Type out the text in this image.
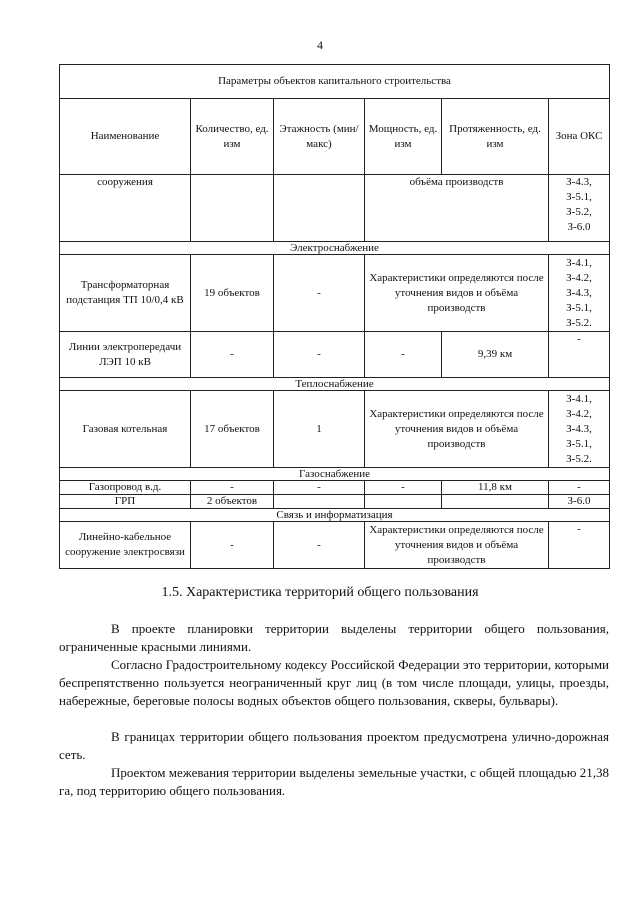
4
Параметры объектов капитального строительства					
Наименование	Количество, ед. изм	Этажность (мин/макс)	Мощность, ед. изм	Протяженность, ед. изм	Зона ОКС
сооружения			объёма производств		З-4.3,
З-5.1,
З-5.2,
З-6.0

Электроснабжение					
Трансформаторная подстанция ТП 10/0,4 кВ	19 объектов	-	Характеристики определяются после уточнения видов и объёма производств		З-4.1,
З-4.2,
З-4.3,
З-5.1,
З-5.2.

Линии электропередачи ЛЭП 10 кВ	-	-	-	9,39 км	-
Теплоснабжение					
Газовая котельная	17 объектов	1	Характеристики определяются после уточнения видов и объёма производств		З-4.1,
З-4.2,
З-4.3,
З-5.1,
З-5.2.

Газоснабжение					
Газопровод в.д.	-	-	-	11,8 км	-
ГРП	2 объектов				З-6.0
Связь и информатизация					
Линейно-кабельное сооружение электросвязи	-	-	Характеристики определяются после уточнения видов и объёма производств		-
1.5. Характеристика территорий общего пользования

В проекте планировки территории выделены территории общего пользования, ограниченные красными линиями.

Согласно Градостроительному кодексу Российской Федерации это территории, которыми беспрепятственно пользуется неограниченный круг лиц (в том числе площади, улицы, проезды, набережные, береговые полосы водных объектов общего пользования, скверы, бульвары).

В границах территории общего пользования проектом предусмотрена улично-дорожная сеть.

Проектом межевания территории выделены земельные участки, с общей площадью 21,38 га, под территорию общего пользования.
